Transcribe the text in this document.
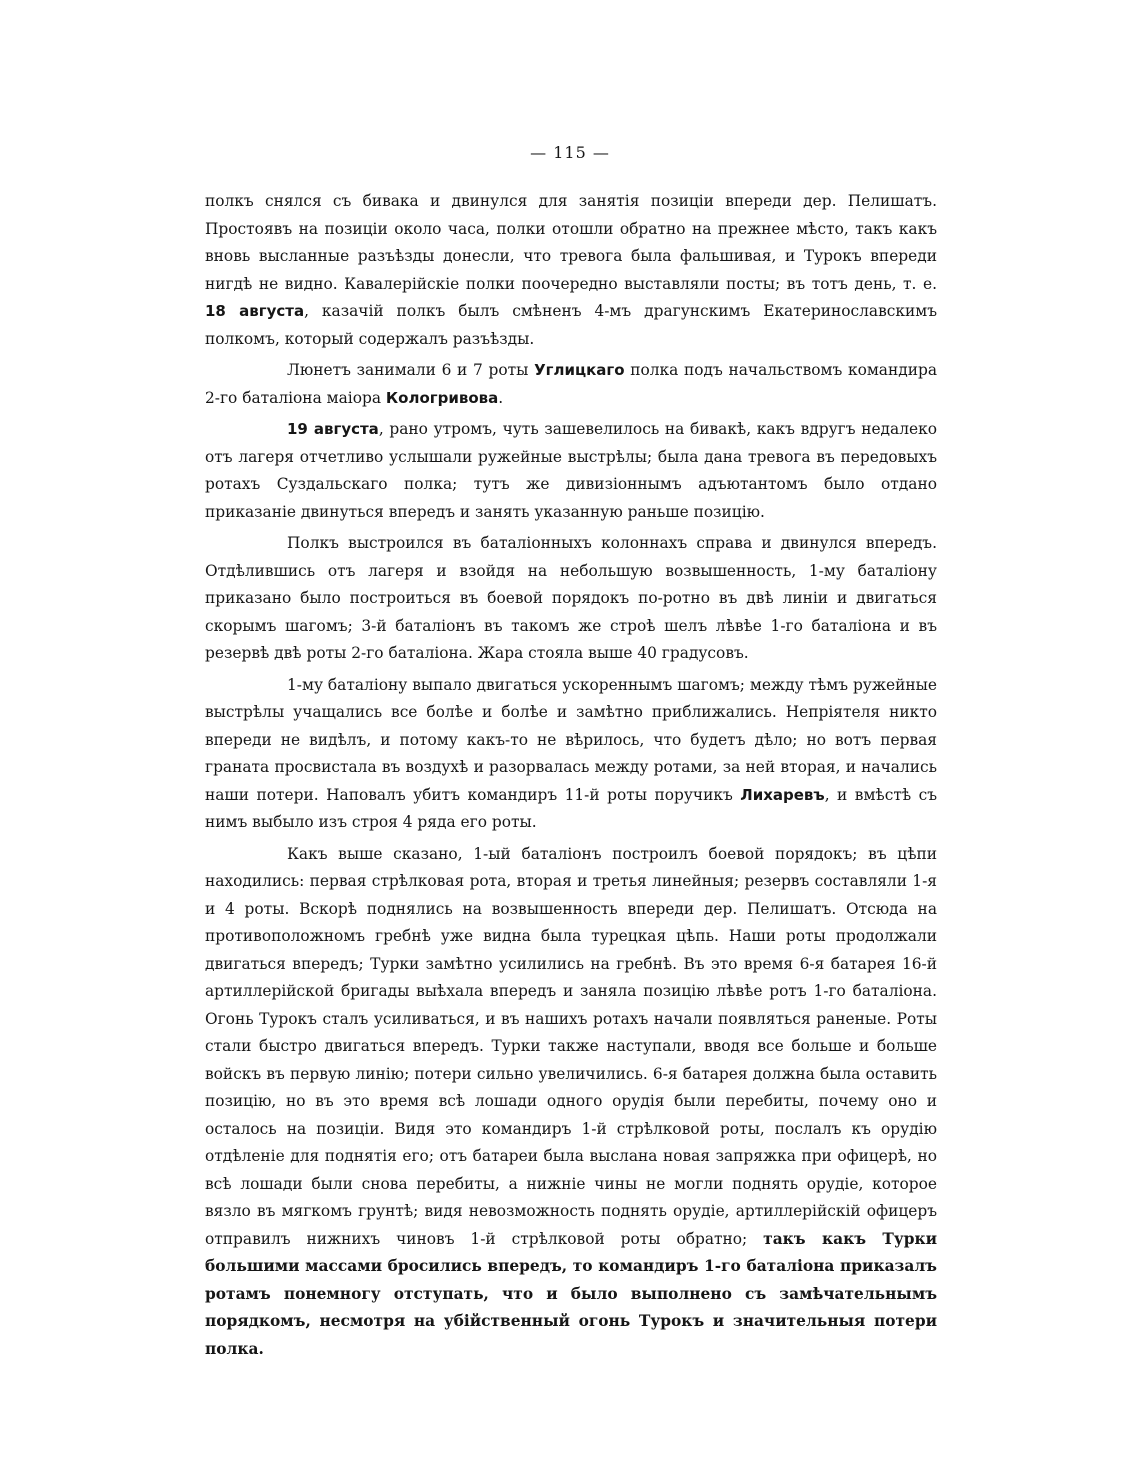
— 115 —

полкъ снялся съ бивака и двинулся для занятія позиціи впереди дер. Пелишатъ. Простоявъ на позиціи около часа, полки отошли обратно на прежнее мѣсто, такъ какъ вновь высланные разъѣзды донесли, что тревога была фальшивая, и Турокъ впереди нигдѣ не видно. Кавалерійскіе полки поочередно выставляли посты; въ тотъ день, т. е. 18 августа, казачій полкъ былъ смѣненъ 4-мъ драгунскимъ Екатеринославскимъ полкомъ, который содержалъ разъѣзды.

Люнетъ занимали 6 и 7 роты Углицкаго полка подъ начальствомъ командира 2-го баталіона маіора Кологривова.

19 августа, рано утромъ, чуть зашевелилось на бивакѣ, какъ вдругъ недалеко отъ лагеря отчетливо услышали ружейные выстрѣлы; была дана тревога въ передовыхъ ротахъ Суздальскаго полка; тутъ же дивизіоннымъ адъютантомъ было отдано приказаніе двинуться впередъ и занять указанную раньше позицію.

Полкъ выстроился въ баталіонныхъ колоннахъ справа и двинулся впередъ. Отдѣлившись отъ лагеря и взойдя на небольшую возвышенность, 1-му баталіону приказано было построиться въ боевой порядокъ по-ротно въ двѣ линіи и двигаться скорымъ шагомъ; 3-й баталіонъ въ такомъ же строѣ шелъ лѣвѣе 1-го баталіона и въ резервѣ двѣ роты 2-го баталіона. Жара стояла выше 40 градусовъ.

1-му баталіону выпало двигаться ускореннымъ шагомъ; между тѣмъ ружейные выстрѣлы учащались все болѣе и болѣе и замѣтно приближались. Непріятеля никто впереди не видѣлъ, и потому какъ-то не вѣрилось, что будетъ дѣло; но вотъ первая граната просвистала въ воздухѣ и разорвалась между ротами, за ней вторая, и начались наши потери. Наповалъ убитъ командиръ 11-й роты поручикъ Лихаревъ, и вмѣстѣ съ нимъ выбыло изъ строя 4 ряда его роты.

Какъ выше сказано, 1-ый баталіонъ построилъ боевой порядокъ; въ цѣпи находились: первая стрѣлковая рота, вторая и третья линейныя; резервъ составляли 1-я и 4 роты. Вскорѣ поднялись на возвышенность впереди дер. Пелишатъ. Отсюда на противоположномъ гребнѣ уже видна была турецкая цѣпь. Наши роты продолжали двигаться впередъ; Турки замѣтно усилились на гребнѣ. Въ это время 6-я батарея 16-й артиллерійской бригады выѣхала впередъ и заняла позицію лѣвѣе ротъ 1-го баталіона. Огонь Турокъ сталъ усиливаться, и въ нашихъ ротахъ начали появляться раненые. Роты стали быстро двигаться впередъ. Турки также наступали, вводя все больше и больше войскъ въ первую линію; потери сильно увеличились. 6-я батарея должна была оставить позицію, но въ это время всѣ лошади одного орудія были перебиты, почему оно и осталось на позиціи. Видя это командиръ 1-й стрѣлковой роты, послалъ къ орудію отдѣленіе для поднятія его; отъ батареи была выслана новая запряжка при офицерѣ, но всѣ лошади были снова перебиты, а нижніе чины не могли поднять орудіе, которое вязло въ мягкомъ грунтѣ; видя невозможность поднять орудіе, артиллерійскій офицеръ отправилъ нижнихъ чиновъ 1-й стрѣлковой роты обратно; такъ какъ Турки большими массами бросились впередъ, то командиръ 1-го баталіона приказалъ ротамъ понемногу отступать, что и было выполнено съ замѣчательнымъ порядкомъ, несмотря на убійственный огонь Турокъ и значительныя потери полка.
